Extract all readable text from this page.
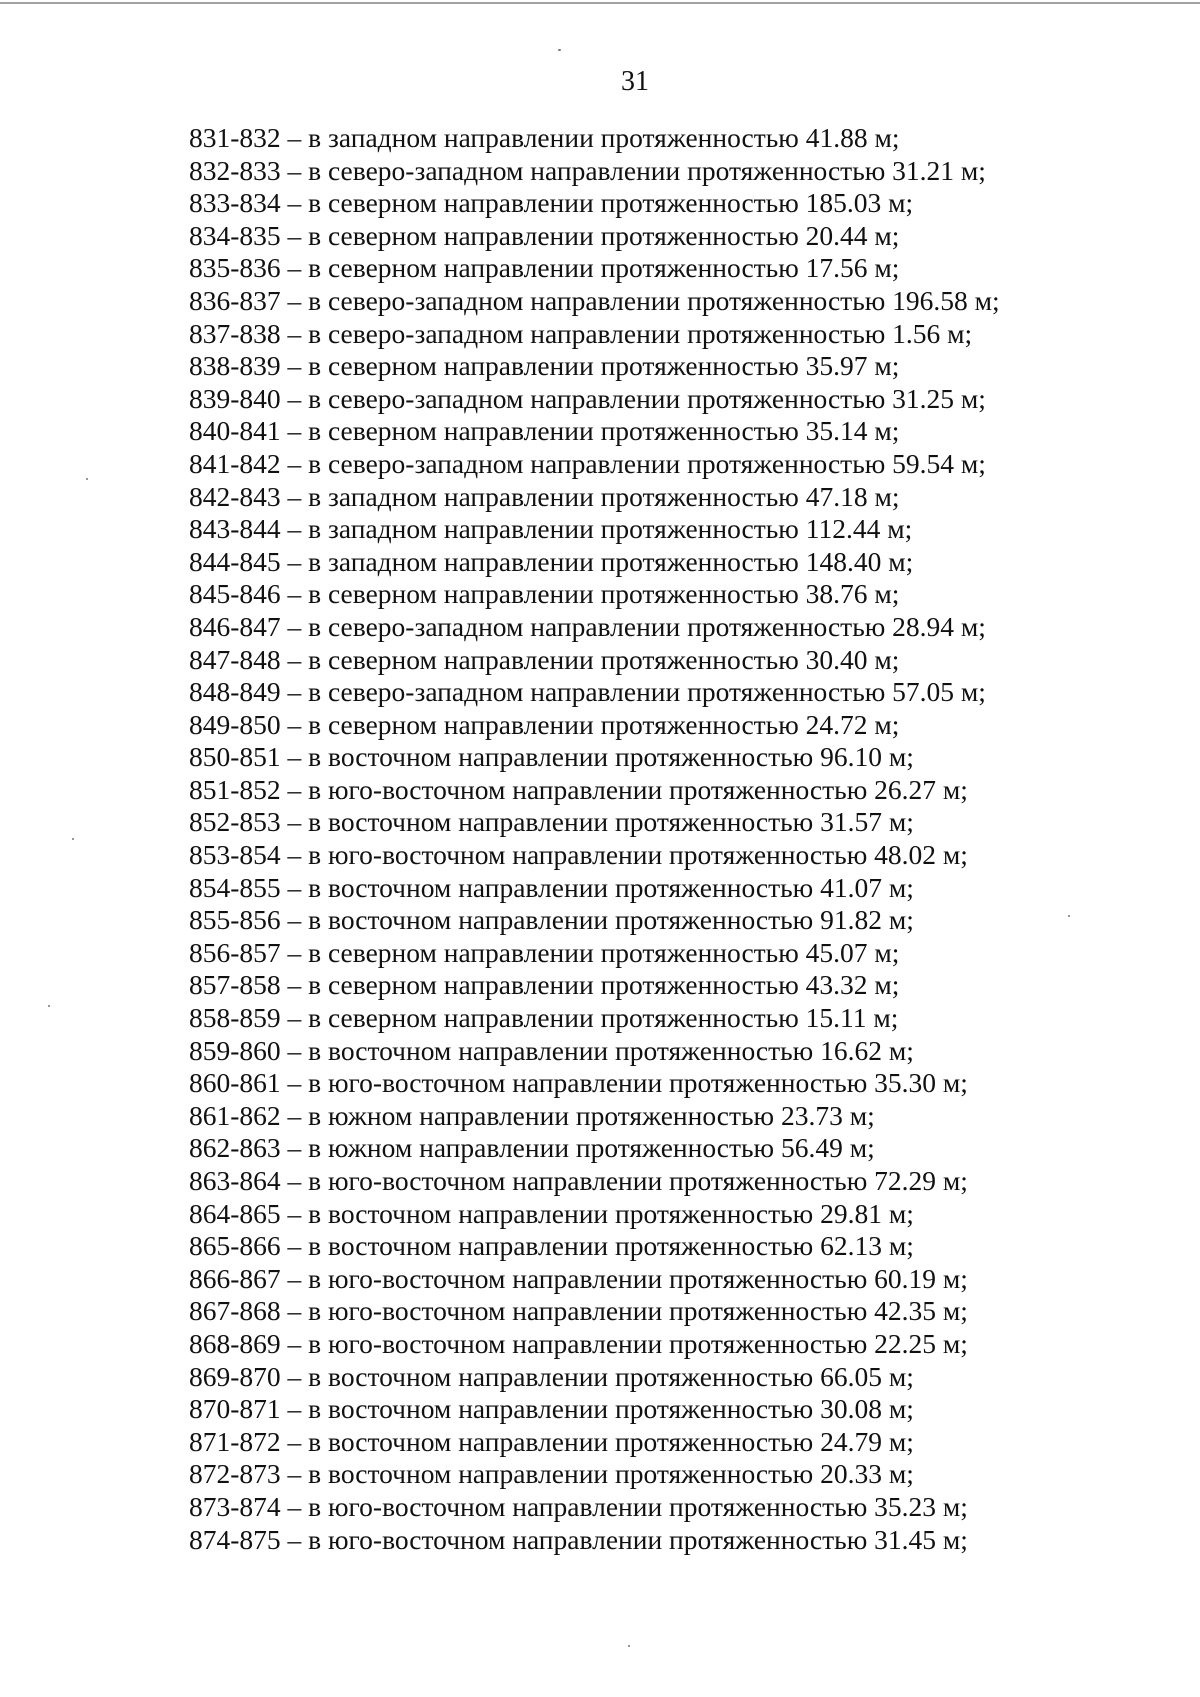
31
831-832 – в западном направлении протяженностью 41.88 м;
832-833 – в северо-западном направлении протяженностью 31.21 м;
833-834 – в северном направлении протяженностью 185.03 м;
834-835 – в северном направлении протяженностью 20.44 м;
835-836 – в северном направлении протяженностью 17.56 м;
836-837 – в северо-западном направлении протяженностью 196.58 м;
837-838 – в северо-западном направлении протяженностью 1.56 м;
838-839 – в северном направлении протяженностью 35.97 м;
839-840 – в северо-западном направлении протяженностью 31.25 м;
840-841 – в северном направлении протяженностью 35.14 м;
841-842 – в северо-западном направлении протяженностью 59.54 м;
842-843 – в западном направлении протяженностью 47.18 м;
843-844 – в западном направлении протяженностью 112.44 м;
844-845 – в западном направлении протяженностью 148.40 м;
845-846 – в северном направлении протяженностью 38.76 м;
846-847 – в северо-западном направлении протяженностью 28.94 м;
847-848 – в северном направлении протяженностью 30.40 м;
848-849 – в северо-западном направлении протяженностью 57.05 м;
849-850 – в северном направлении протяженностью 24.72 м;
850-851 – в восточном направлении протяженностью 96.10 м;
851-852 – в юго-восточном направлении протяженностью 26.27 м;
852-853 – в восточном направлении протяженностью 31.57 м;
853-854 – в юго-восточном направлении протяженностью 48.02 м;
854-855 – в восточном направлении протяженностью 41.07 м;
855-856 – в восточном направлении протяженностью 91.82 м;
856-857 – в северном направлении протяженностью 45.07 м;
857-858 – в северном направлении протяженностью 43.32 м;
858-859 – в северном направлении протяженностью 15.11 м;
859-860 – в восточном направлении протяженностью 16.62 м;
860-861 – в юго-восточном направлении протяженностью 35.30 м;
861-862 – в южном направлении протяженностью 23.73 м;
862-863 – в южном направлении протяженностью 56.49 м;
863-864 – в юго-восточном направлении протяженностью 72.29 м;
864-865 – в восточном направлении протяженностью 29.81 м;
865-866 – в восточном направлении протяженностью 62.13 м;
866-867 – в юго-восточном направлении протяженностью 60.19 м;
867-868 – в юго-восточном направлении протяженностью 42.35 м;
868-869 – в юго-восточном направлении протяженностью 22.25 м;
869-870 – в восточном направлении протяженностью 66.05 м;
870-871 – в восточном направлении протяженностью 30.08 м;
871-872 – в восточном направлении протяженностью 24.79 м;
872-873 – в восточном направлении протяженностью 20.33 м;
873-874 – в юго-восточном направлении протяженностью 35.23 м;
874-875 – в юго-восточном направлении протяженностью 31.45 м;
